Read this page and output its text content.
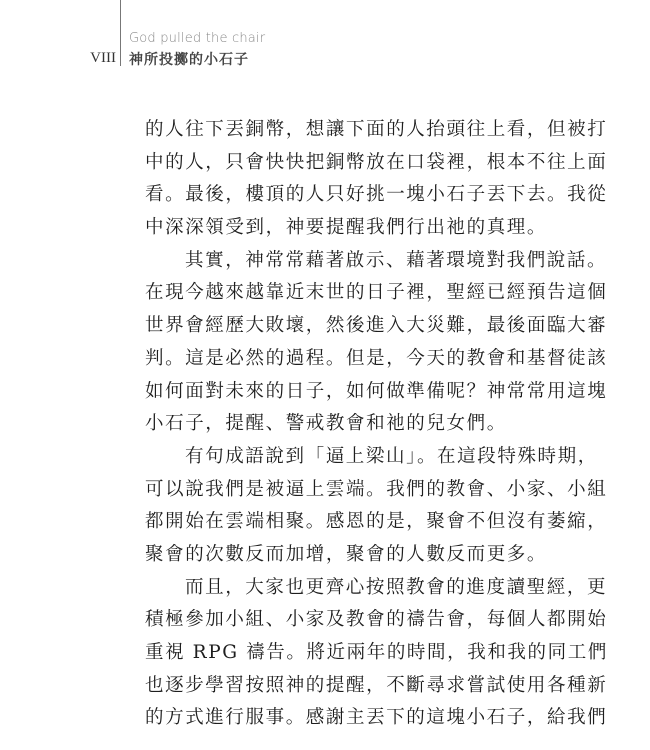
God pulled the chair
VIII 神所投擲的小石子
的人往下丟銅幣，想讓下面的人抬頭往上看，但被打
中的人，只會快快把銅幣放在口袋裡，根本不往上面
看。最後，樓頂的人只好挑一塊小石子丟下去。我從
中深深領受到，神要提醒我們行出祂的真理。
其實，神常常藉著啟示、藉著環境對我們說話。
在現今越來越靠近末世的日子裡，聖經已經預告這個
世界會經歷大敗壞，然後進入大災難，最後面臨大審
判。這是必然的過程。但是，今天的教會和基督徒該
如何面對未來的日子，如何做準備呢？神常常用這塊
小石子，提醒、警戒教會和祂的兒女們。
有句成語說到「逼上梁山」。在這段特殊時期，
可以說我們是被逼上雲端。我們的教會、小家、小組
都開始在雲端相聚。感恩的是，聚會不但沒有萎縮，
聚會的次數反而加增，聚會的人數反而更多。
而且，大家也更齊心按照教會的進度讀聖經，更
積極參加小組、小家及教會的禱告會，每個人都開始
重視 RPG 禱告。將近兩年的時間，我和我的同工們
也逐步學習按照神的提醒，不斷尋求嘗試使用各種新
的方式進行服事。感謝主丟下的這塊小石子，給我們
